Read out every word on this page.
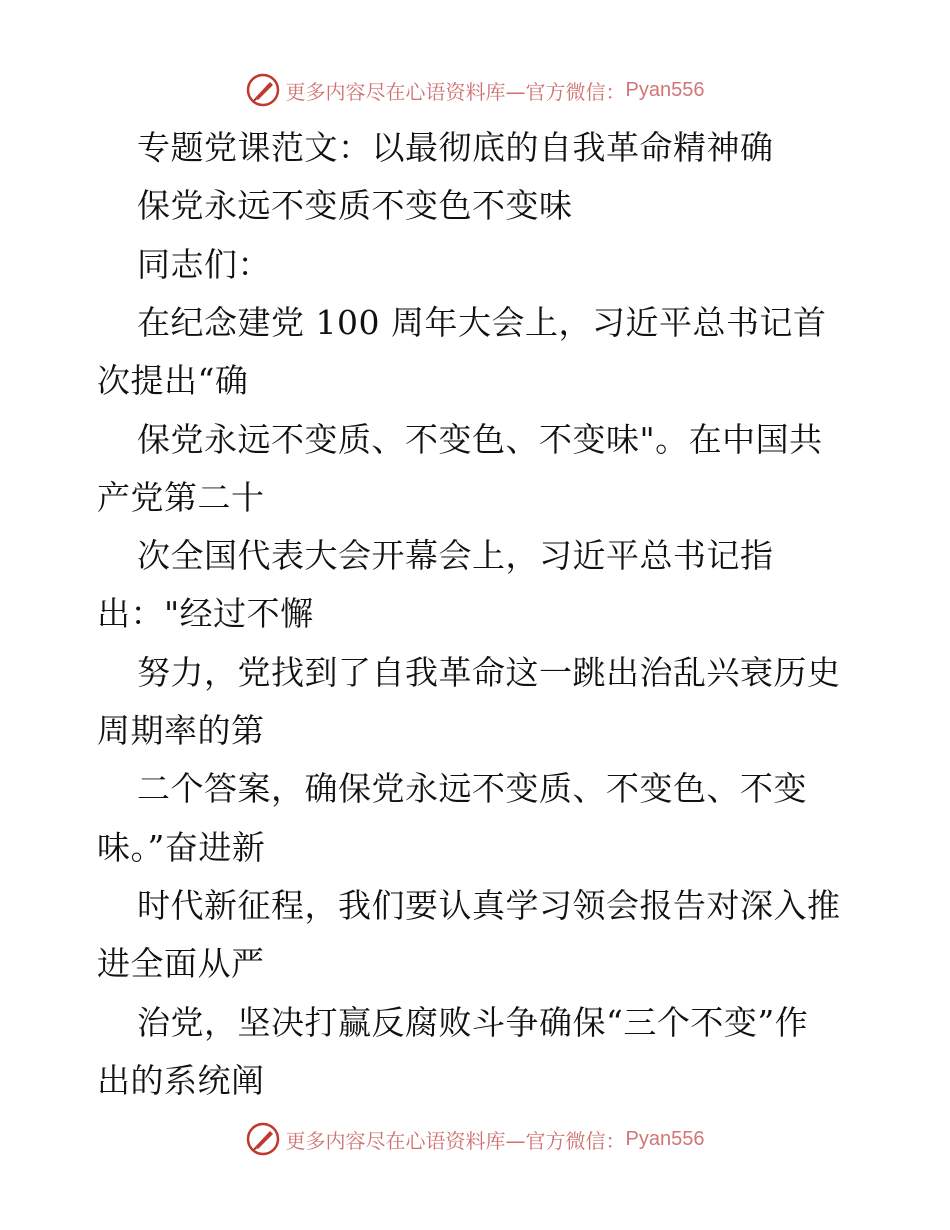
更多内容尽在心语资料库—官方微信： Pyan556
专题党课范文：以最彻底的自我革命精神确
保党永远不变质不变色不变味
同志们：
在纪念建党 100 周年大会上，习近平总书记首
次提出“确
保党永远不变质、不变色、不变味"。在中国共
产党第二十
次全国代表大会开幕会上，习近平总书记指
出："经过不懈
努力，党找到了自我革命这一跳出治乱兴衰历史
周期率的第
二个答案，确保党永远不变质、不变色、不变
味。”奋进新
时代新征程，我们要认真学习领会报告对深入推
进全面从严
治党，坚决打赢反腐败斗争确保“三个不变”作
出的系统阐
更多内容尽在心语资料库—官方微信： Pyan556
